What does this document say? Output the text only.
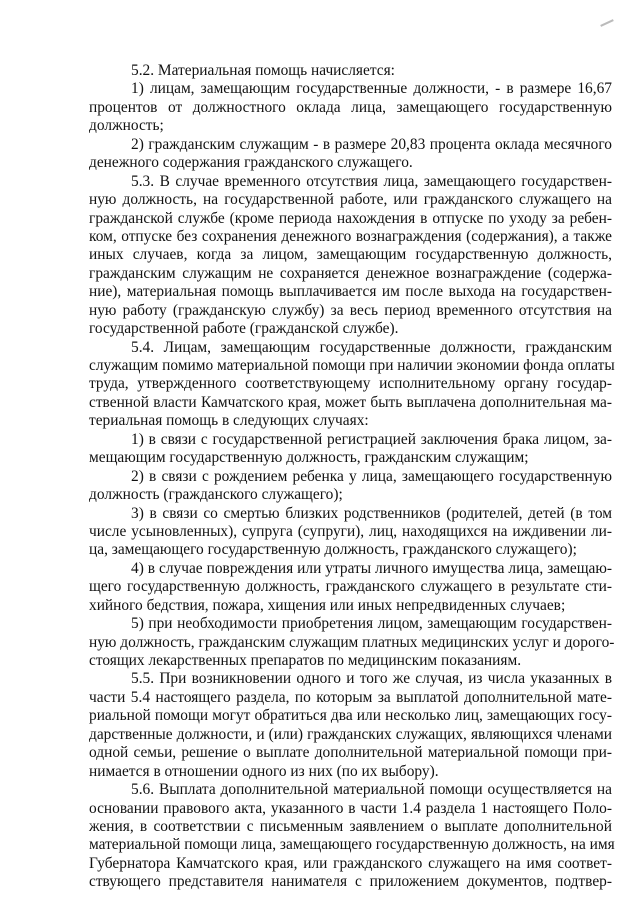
5.2. Материальная помощь начисляется:
1) лицам, замещающим государственные должности, - в размере 16,67
процентов от должностного оклада лица, замещающего государственную
должность;
2) гражданским служащим - в размере 20,83 процента оклада месячного
денежного содержания гражданского служащего.
5.3. В случае временного отсутствия лица, замещающего государствен-
ную должность, на государственной работе, или гражданского служащего на
гражданской службе (кроме периода нахождения в отпуске по уходу за ребен-
ком, отпуске без сохранения денежного вознаграждения (содержания), а также
иных случаев, когда за лицом, замещающим государственную должность,
гражданским служащим не сохраняется денежное вознаграждение (содержа-
ние), материальная помощь выплачивается им после выхода на государствен-
ную работу (гражданскую службу) за весь период временного отсутствия на
государственной работе (гражданской службе).
5.4. Лицам, замещающим государственные должности, гражданским
служащим помимо материальной помощи при наличии экономии фонда оплаты
труда, утвержденного соответствующему исполнительному органу государ-
ственной власти Камчатского края, может быть выплачена дополнительная ма-
териальная помощь в следующих случаях:
1) в связи с государственной регистрацией заключения брака лицом, за-
мещающим государственную должность, гражданским служащим;
2) в связи с рождением ребенка у лица, замещающего государственную
должность (гражданского служащего);
3) в связи со смертью близких родственников (родителей, детей (в том
числе усыновленных), супруга (супруги), лиц, находящихся на иждивении ли-
ца, замещающего государственную должность, гражданского служащего);
4) в случае повреждения или утраты личного имущества лица, замещаю-
щего государственную должность, гражданского служащего в результате сти-
хийного бедствия, пожара, хищения или иных непредвиденных случаев;
5) при необходимости приобретения лицом, замещающим государствен-
ную должность, гражданским служащим платных медицинских услуг и дорого-
стоящих лекарственных препаратов по медицинским показаниям.
5.5. При возникновении одного и того же случая, из числа указанных в
части 5.4 настоящего раздела, по которым за выплатой дополнительной мате-
риальной помощи могут обратиться два или несколько лиц, замещающих госу-
дарственные должности, и (или) гражданских служащих, являющихся членами
одной семьи, решение о выплате дополнительной материальной помощи при-
нимается в отношении одного из них (по их выбору).
5.6. Выплата дополнительной материальной помощи осуществляется на
основании правового акта, указанного в части 1.4 раздела 1 настоящего Поло-
жения, в соответствии с письменным заявлением о выплате дополнительной
материальной помощи лица, замещающего государственную должность, на имя
Губернатора Камчатского края, или гражданского служащего на имя соответ-
ствующего представителя нанимателя с приложением документов, подтвер-
